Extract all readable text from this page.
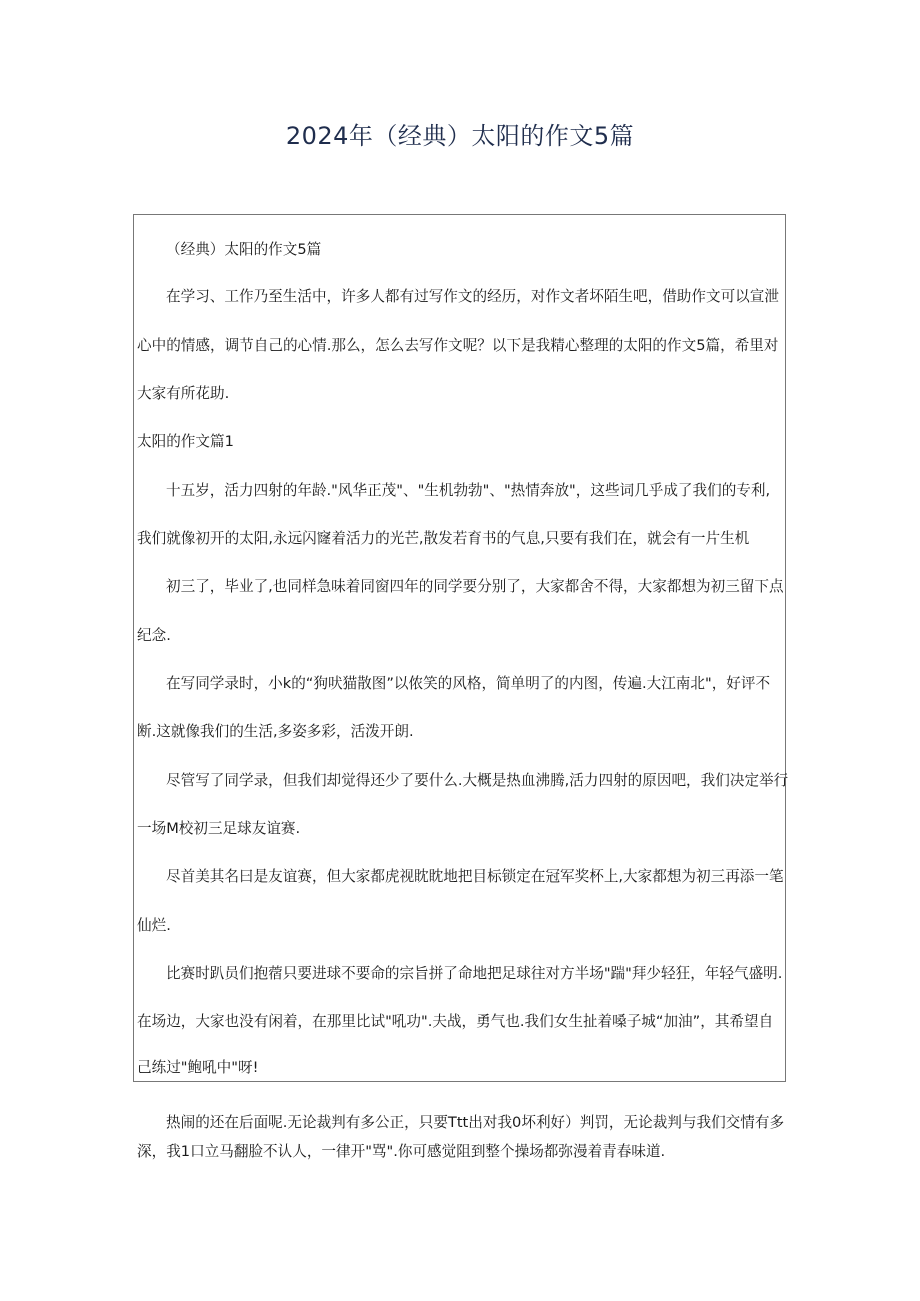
2024年（经典）太阳的作文5篇
（经典）太阳的作文5篇
在学习、工作乃至生活中，许多人都有过写作文的经历，对作文者坏陌生吧，借助作文可以宣泄
心中的情感，调节自己的心情.那么，怎么去写作文呢？以下是我精心整理的太阳的作文5篇，希里对
大家有所花助.
太阳的作文篇1
十五岁，活力四射的年龄."风华正茂"、"生机勃勃"、"热情奔放"，这些词几乎成了我们的专利,
我们就像初开的太阳,永远闪窿着活力的光芒,散发若育书的气息,只要有我们在，就会有一片生机
初三了，毕业了,也同样急味着同窗四年的同学要分别了，大家都舍不得，大家都想为初三留下点
纪念.
在写同学录时，小k的“狗吠猫散图”以侬笑的风格，简单明了的内图，传遍.大江南北"，好评不
断.这就像我们的生活,多姿多彩，活泼开朗.
尽管写了同学录，但我们却觉得还少了要什么.大概是热血沸腾,活力四射的原因吧，我们决定举行
一场M校初三足球友谊赛.
尽首美其名曰是友谊赛，但大家都虎视眈眈地把目标锁定在冠军奖杯上,大家都想为初三再添一笔
仙烂.
比赛时趴员们抱蓿只要进球不要命的宗旨拼了命地把足球往对方半场"踹"拜少轻狂，年轻气盛明.
在场边，大家也没有闲着，在那里比试"吼功".夫战，勇气也.我们女生扯着嗓子城“加油”，其希望自
己练过"鲍吼中"呀!
热闹的还在后面呢.无论裁判有多公正，只要Ttt出对我0坏利好）判罚，无论裁判与我们交情有多
深，我1口立马翻脸不认人，一律开"骂".你可感觉阻到整个操场都弥漫着青春味道.
